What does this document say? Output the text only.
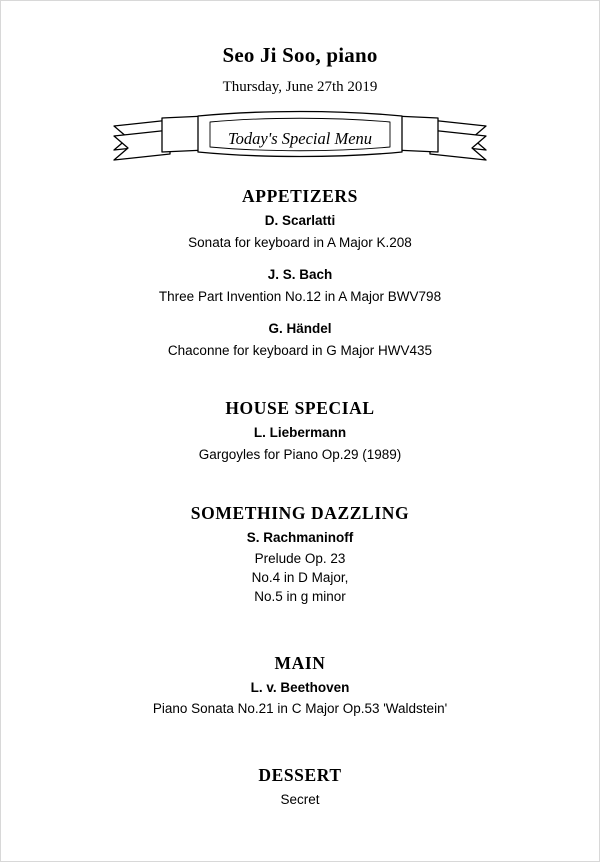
Seo Ji Soo, piano
Thursday, June 27th 2019
Today's Special Menu
APPETIZERS
D. Scarlatti
Sonata for keyboard in A Major K.208
J. S. Bach
Three Part Invention No.12 in A Major BWV798
G. Händel
Chaconne for keyboard in G Major HWV435
HOUSE SPECIAL
L. Liebermann
Gargoyles for Piano Op.29 (1989)
SOMETHING DAZZLING
S. Rachmaninoff
Prelude Op. 23
No.4 in D Major,
No.5 in g minor
MAIN
L. v. Beethoven
Piano Sonata No.21 in C Major Op.53 'Waldstein'
DESSERT
Secret
